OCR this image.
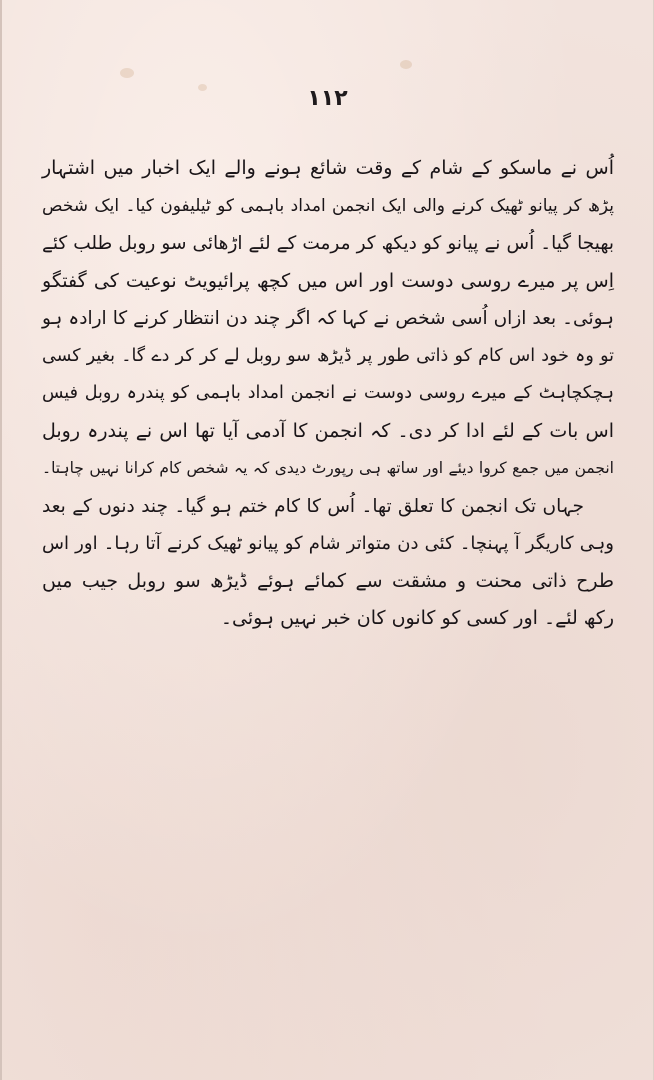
۱۱۲
اُس نے ماسکو کے شام کے وقت شائع ہونے والے ایک اخبار میں اشتہار
پڑھ کر پیانو ٹھیک کرنے والی ایک انجمن امداد باہمی کو ٹیلیفون کیا۔ ایک شخص
بھیجا گیا۔ اُس نے پیانو کو دیکھ کر مرمت کے لئے اڑھائی سو روبل طلب کئے
اِس پر میرے روسی دوست اور اس میں کچھ پرائیویٹ نوعیت کی گفتگو
ہوئی۔ بعد ازاں اُسی شخص نے کہا کہ اگر چند دن انتظار کرنے کا ارادہ ہو
تو وہ خود اس کام کو ذاتی طور پر ڈیڑھ سو روبل لے کر کر دے گا۔ بغیر کسی
ہچکچاہٹ کے میرے روسی دوست نے انجمن امداد باہمی کو پندرہ روبل فیس
اس بات کے لئے ادا کر دی۔ کہ انجمن کا آدمی آیا تھا اس نے پندرہ روبل
انجمن میں جمع کروا دیئے اور ساتھ ہی رپورٹ دیدی کہ یہ شخص کام کرانا نہیں چاہتا۔
جہاں تک انجمن کا تعلق تھا۔ اُس کا کام ختم ہو گیا۔ چند دنوں کے بعد
وہی کاریگر آ پہنچا۔ کئی دن متواتر شام کو پیانو ٹھیک کرنے آتا رہا۔ اور اس
طرح ذاتی محنت و مشقت سے کمائے ہوئے ڈیڑھ سو روبل جیب میں
رکھ لئے۔ اور کسی کو کانوں کان خبر نہیں ہوئی۔
